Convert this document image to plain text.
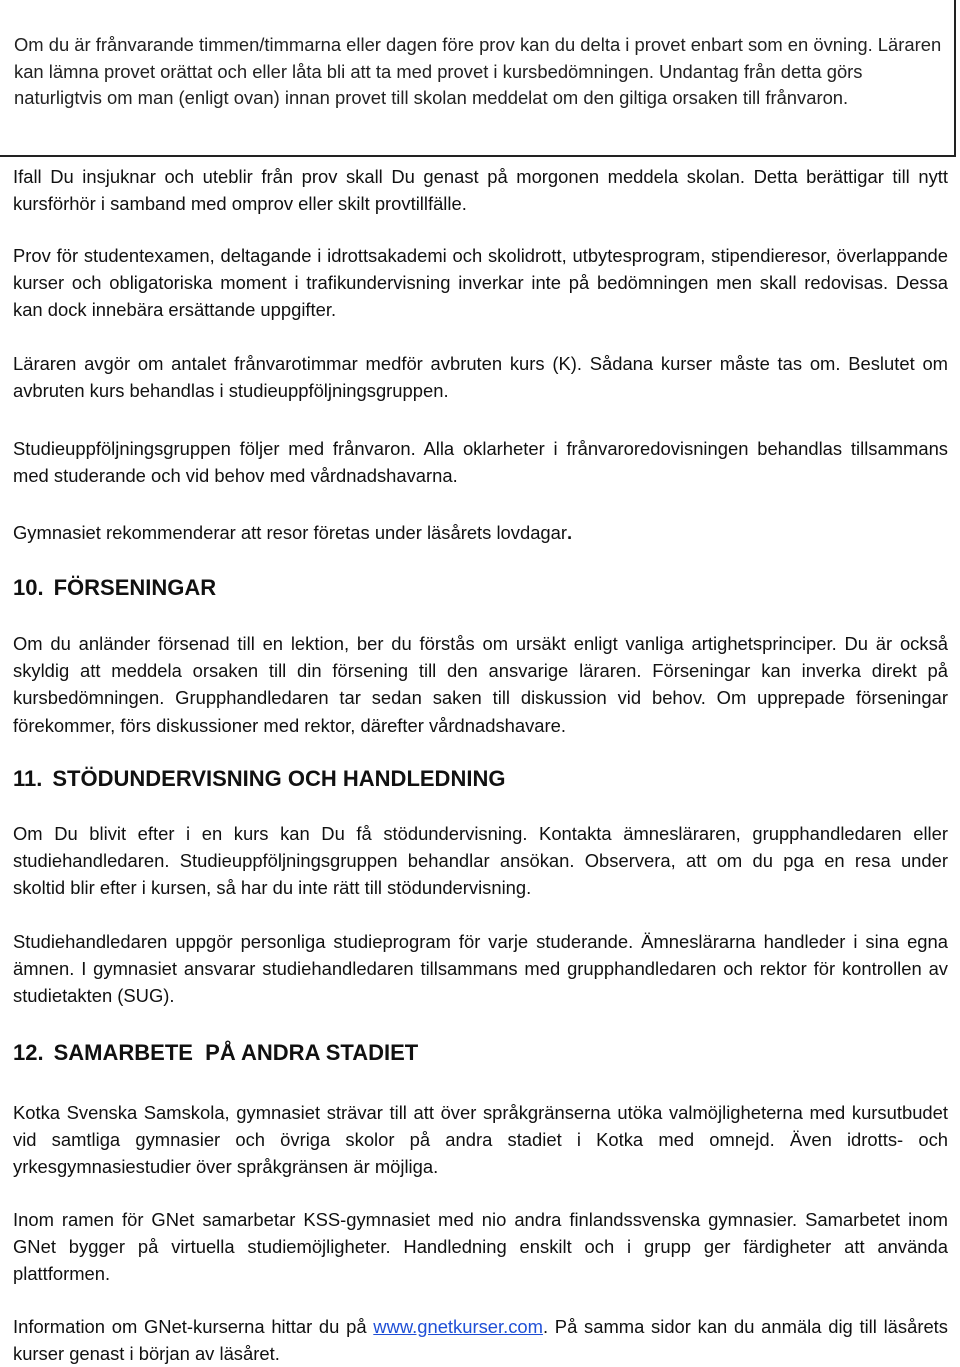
Om du är frånvarande timmen/timmarna eller dagen före prov kan du delta i provet enbart som en övning. Läraren kan lämna provet orättat och eller låta bli att ta med provet i kursbedömningen. Undantag från detta görs naturligtvis om man (enligt ovan) innan provet till skolan meddelat om den giltiga orsaken till frånvaron.

Ifall Du insjuknar och uteblir från prov skall Du genast på morgonen meddela skolan. Detta berättigar till nytt kursförhör i samband med omprov eller skilt provtillfälle.

Prov för studentexamen, deltagande i idrottsakademi och skolidrott, utbytesprogram, stipendieresor, överlappande kurser och obligatoriska moment i trafikundervisning inverkar inte på bedömningen men skall redovisas. Dessa kan dock innebära ersättande uppgifter.

Läraren avgör om antalet frånvarotimmar medför avbruten kurs (K). Sådana kurser måste tas om. Beslutet om avbruten kurs behandlas i studieuppföljningsgruppen.

Studieuppföljningsgruppen följer med frånvaron. Alla oklarheter i frånvaroredovisningen behandlas tillsammans med studerande och vid behov med vårdnadshavarna.

Gymnasiet rekommenderar att resor företas under läsårets lovdagar.

10. FÖRSENINGAR

Om du anländer försenad till en lektion, ber du förstås om ursäkt enligt vanliga artighetsprinciper. Du är också skyldig att meddela orsaken till din försening till den ansvarige läraren. Förseningar kan inverka direkt på kursbedömningen. Grupphandledaren tar sedan saken till diskussion vid behov. Om upprepade förseningar förekommer, förs diskussioner med rektor, därefter vårdnadshavare.

11. STÖDUNDERVISNING OCH HANDLEDNING

Om Du blivit efter i en kurs kan Du få stödundervisning. Kontakta ämnesläraren, grupphandledaren eller studiehandledaren. Studieuppföljningsgruppen behandlar ansökan. Observera, att om du pga en resa under skoltid blir efter i kursen, så har du inte rätt till stödundervisning.

Studiehandledaren uppgör personliga studieprogram för varje studerande. Ämneslärarna handleder i sina egna ämnen. I gymnasiet ansvarar studiehandledaren tillsammans med grupphandledaren och rektor för kontrollen av studietakten (SUG).

12. SAMARBETE  PÅ ANDRA STADIET

Kotka Svenska Samskola, gymnasiet strävar till att över språkgränserna utöka valmöjligheterna med kursutbudet vid samtliga gymnasier och övriga skolor på andra stadiet i Kotka med omnejd. Även idrotts- och yrkesgymnasiestudier över språkgränsen är möjliga.

Inom ramen för GNet samarbetar KSS-gymnasiet med nio andra finlandssvenska gymnasier. Samarbetet inom GNet bygger på virtuella studiemöjligheter. Handledning enskilt och i grupp ger färdigheter att använda plattformen.

Information om GNet-kurserna hittar du på www.gnetkurser.com. På samma sidor kan du anmäla dig till läsårets kurser genast i början av läsåret.
